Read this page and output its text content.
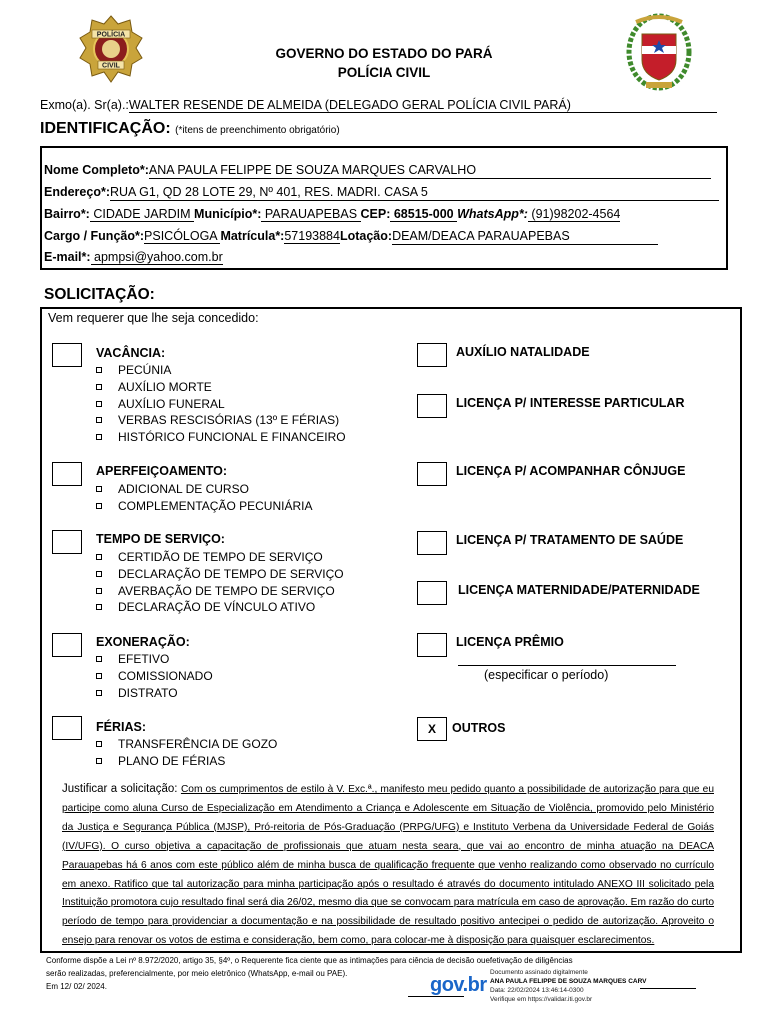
POLÍCIA
CIVIL
GOVERNO DO ESTADO DO PARÁ
POLÍCIA CIVIL
Exmo(a). Sr(a).:WALTER RESENDE DE ALMEIDA (DELEGADO GERAL POLÍCIA CIVIL PARÁ)
IDENTIFICAÇÃO: (*itens de preenchimento obrigatório)
Nome Completo*:ANA PAULA FELIPPE DE SOUZA MARQUES CARVALHO
Endereço*:RUA G1, QD 28 LOTE 29, Nº 401, RES. MADRI. CASA 5
Bairro*: CIDADE JARDIM Município*: PARAUAPEBAS CEP: 68515-000 WhatsApp*: (91)98202-4564
Cargo / Função*:PSICÓLOGA Matrícula*:57193884Lotação:DEAM/DEACA PARAUAPEBAS
E-mail*: apmpsi@yahoo.com.br
SOLICITAÇÃO:
Vem requerer que lhe seja concedido:
VACÂNCIA:
PECÚNIA
AUXÍLIO MORTE
AUXÍLIO FUNERAL
VERBAS RESCISÓRIAS (13º E FÉRIAS)
HISTÓRICO FUNCIONAL E FINANCEIRO
APERFEIÇOAMENTO:
ADICIONAL DE CURSO
COMPLEMENTAÇÃO PECUNIÁRIA
TEMPO DE SERVIÇO:
CERTIDÃO DE TEMPO DE SERVIÇO
DECLARAÇÃO DE TEMPO DE SERVIÇO
AVERBAÇÃO DE TEMPO DE SERVIÇO
DECLARAÇÃO DE VÍNCULO ATIVO
EXONERAÇÃO:
EFETIVO
COMISSIONADO
DISTRATO
FÉRIAS:
TRANSFERÊNCIA DE GOZO
PLANO DE FÉRIAS
AUXÍLIO NATALIDADE
LICENÇA P/ INTERESSE PARTICULAR
LICENÇA P/ ACOMPANHAR CÔNJUGE
LICENÇA P/ TRATAMENTO DE SAÚDE
LICENÇA MATERNIDADE/PATERNIDADE
LICENÇA PRÊMIO
(especificar o período)
X	OUTROS
Justificar a solicitação: Com os cumprimentos de estilo à V. Exc.ª., manifesto meu pedido quanto a possibilidade de autorização para que eu participe como aluna Curso de Especialização em Atendimento a Criança e Adolescente em Situação de Violência, promovido pelo Ministério da Justiça e Segurança Pública (MJSP), Pró-reitoria de Pós-Graduação (PRPG/UFG) e Instituto Verbena da Universidade Federal de Goiás (IV/UFG). O curso objetiva a capacitação de profissionais que atuam nesta seara, que vai ao encontro de minha atuação na DEACA Parauapebas há 6 anos com este público além de minha busca de qualificação frequente que venho realizando como observado no currículo em anexo. Ratifico que tal autorização para minha participação após o resultado é através do documento intitulado ANEXO III solicitado pela Instituição promotora cujo resultado final será dia 26/02, mesmo dia que se convocam para matrícula em caso de aprovação. Em razão do curto período de tempo para providenciar a documentação e na possibilidade de resultado positivo antecipei o pedido de autorização. Aproveito o ensejo para renovar os votos de estima e consideração, bem como, para colocar-me à disposição para quaisquer esclarecimentos.
Conforme dispõe a Lei nº 8.972/2020, artigo 35, §4º, o Requerente fica ciente que as intimações para ciência de decisão ouefetivação de diligências
serão realizadas, preferencialmente, por meio eletrônico (WhatsApp, e-mail ou PAE).
Em 12/ 02/ 2024.	gov.br
Documento assinado digitalmente
ANA PAULA FELIPPE DE SOUZA MARQUES CARV
Data: 22/02/2024 13:46:14-0300
Verifique em https://validar.iti.gov.br
